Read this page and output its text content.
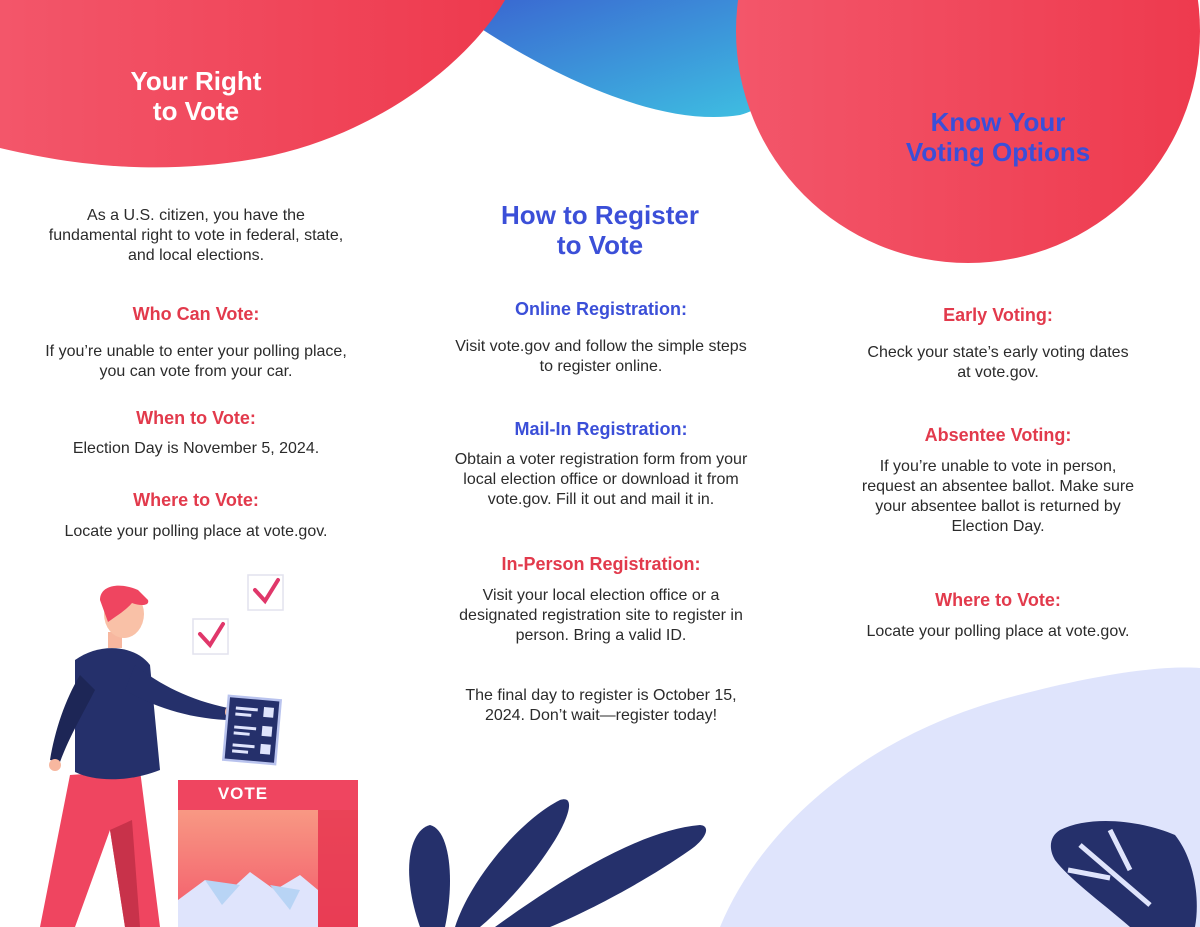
VOTE
Your Right
to Vote

As a U.S. citizen, you have the fundamental right to vote in federal, state, and local elections.

Who Can Vote:

If you’re unable to enter your polling place, you can vote from your car.

When to Vote:

Election Day is November 5, 2024.

Where to Vote:

Locate your polling place at vote.gov.

How to Register
to Vote

Online Registration:

Visit vote.gov and follow the simple steps to register online.

Mail-In Registration:

Obtain a voter registration form from your local election office or download it from vote.gov. Fill it out and mail it in.

In-Person Registration:

Visit your local election office or a designated registration site to register in person. Bring a valid ID.

The final day to register is October 15, 2024. Don’t wait—register today!

Know Your
Voting Options

Early Voting:

Check your state’s early voting dates at vote.gov.

Absentee Voting:

If you’re unable to vote in person, request an absentee ballot. Make sure your absentee ballot is returned by Election Day.

Where to Vote:

Locate your polling place at vote.gov.
